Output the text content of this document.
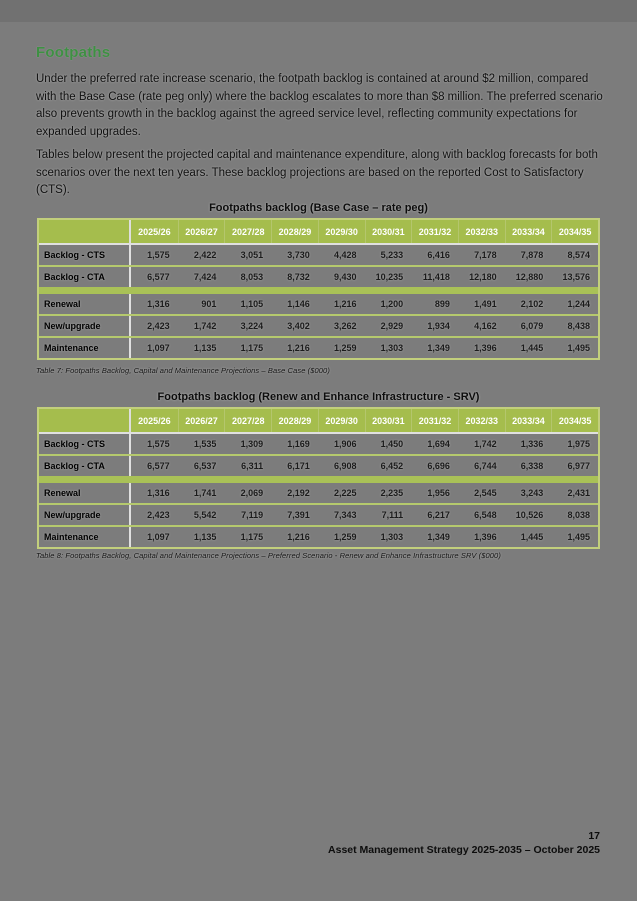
Footpaths
Under the preferred rate increase scenario, the footpath backlog is contained at around $2 million, compared with the Base Case (rate peg only) where the backlog escalates to more than $8 million. The preferred scenario also prevents growth in the backlog against the agreed service level, reflecting community expectations for expanded upgrades.
Tables below present the projected capital and maintenance expenditure, along with backlog forecasts for both scenarios over the next ten years. These backlog projections are based on the reported Cost to Satisfactory (CTS).
Footpaths backlog (Base Case – rate peg)
2025/26	2026/27	2027/28	2028/29	2029/30	2030/31	2031/32	2032/33	2033/34	2034/35
Backlog - CTS	1,575	2,422	3,051	3,730	4,428	5,233	6,416	7,178	7,878	8,574
Backlog - CTA	6,577	7,424	8,053	8,732	9,430	10,235	11,418	12,180	12,880	13,576
Renewal	1,316	901	1,105	1,146	1,216	1,200	899	1,491	2,102	1,244
New/upgrade	2,423	1,742	3,224	3,402	3,262	2,929	1,934	4,162	6,079	8,438
Maintenance	1,097	1,135	1,175	1,216	1,259	1,303	1,349	1,396	1,445	1,495
Table 7: Footpaths Backlog, Capital and Maintenance Projections – Base Case ($000)
Footpaths backlog (Renew and Enhance Infrastructure - SRV)
2025/26	2026/27	2027/28	2028/29	2029/30	2030/31	2031/32	2032/33	2033/34	2034/35
Backlog - CTS	1,575	1,535	1,309	1,169	1,906	1,450	1,694	1,742	1,336	1,975
Backlog - CTA	6,577	6,537	6,311	6,171	6,908	6,452	6,696	6,744	6,338	6,977
Renewal	1,316	1,741	2,069	2,192	2,225	2,235	1,956	2,545	3,243	2,431
New/upgrade	2,423	5,542	7,119	7,391	7,343	7,111	6,217	6,548	10,526	8,038
Maintenance	1,097	1,135	1,175	1,216	1,259	1,303	1,349	1,396	1,445	1,495
Table 8: Footpaths Backlog, Capital and Maintenance Projections – Preferred Scenario - Renew and Enhance Infrastructure SRV ($000)
17
Asset Management Strategy 2025-2035 – October 2025
